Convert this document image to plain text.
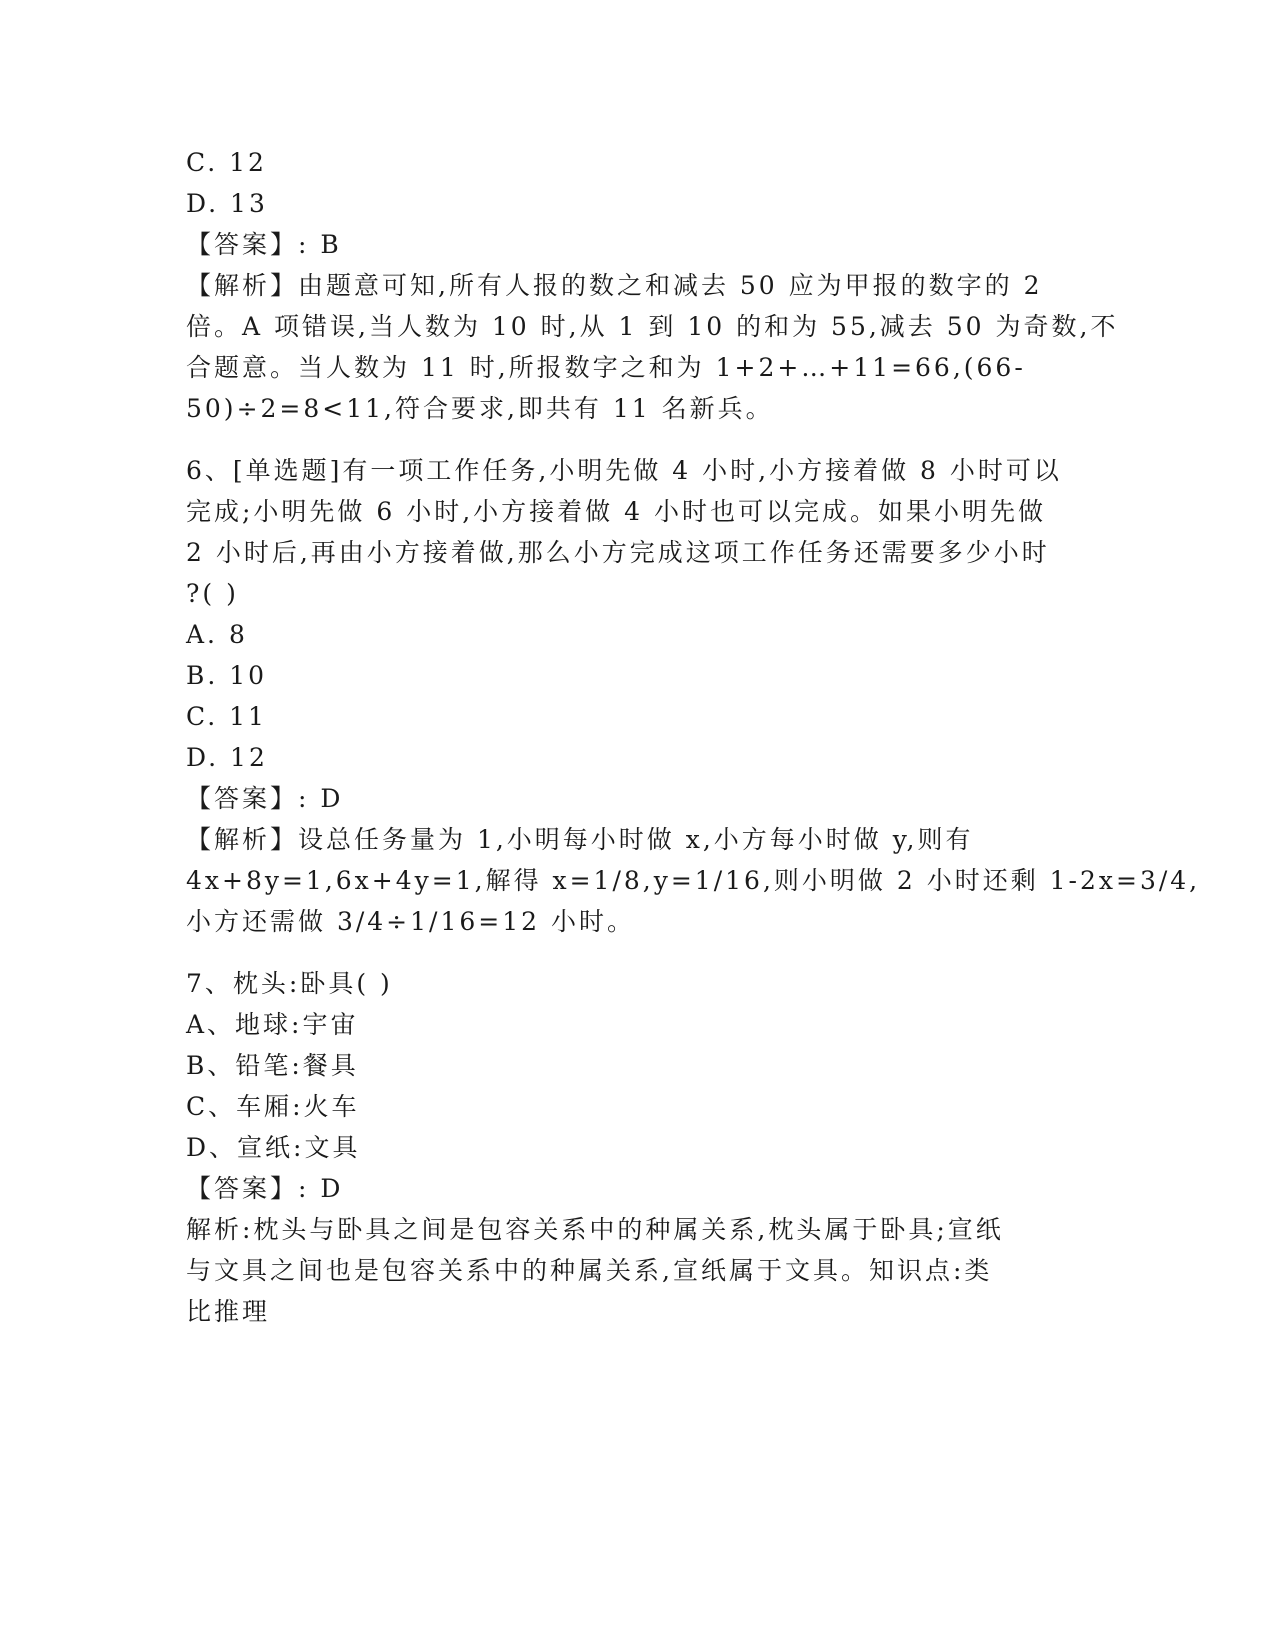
C. 12
D. 13
【答案】: B
【解析】由题意可知,所有人报的数之和减去 50 应为甲报的数字的 2
倍。A 项错误,当人数为 10 时,从 1 到 10 的和为 55,减去 50 为奇数,不
合题意。当人数为 11 时,所报数字之和为 1+2+…+11=66,(66-
50)÷2=8<11,符合要求,即共有 11 名新兵。
6、[单选题]有一项工作任务,小明先做 4 小时,小方接着做 8 小时可以
完成;小明先做 6 小时,小方接着做 4 小时也可以完成。如果小明先做
2 小时后,再由小方接着做,那么小方完成这项工作任务还需要多少小时
?( )
A. 8
B. 10
C. 11
D. 12
【答案】: D
【解析】设总任务量为 1,小明每小时做 x,小方每小时做 y,则有
4x+8y=1,6x+4y=1,解得 x=1/8,y=1/16,则小明做 2 小时还剩 1-2x=3/4,
小方还需做 3/4÷1/16=12 小时。
7、枕头:卧具( )
A、地球:宇宙
B、铅笔:餐具
C、车厢:火车
D、宣纸:文具
【答案】: D
解析:枕头与卧具之间是包容关系中的种属关系,枕头属于卧具;宣纸
与文具之间也是包容关系中的种属关系,宣纸属于文具。知识点:类
比推理
